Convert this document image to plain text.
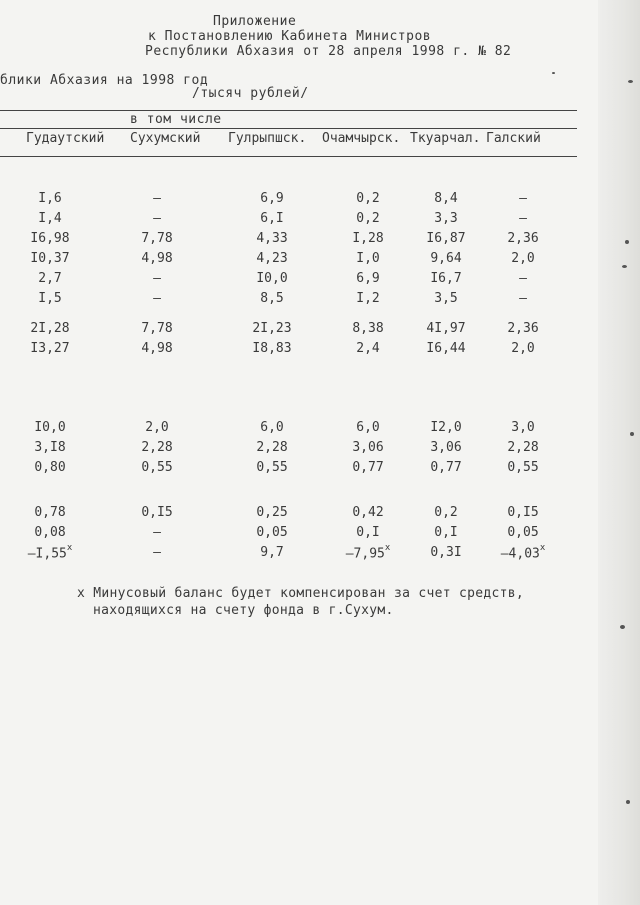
Приложение
к Постановлению Кабинета Министров
Республики Абхазия от 28 апреля 1998 г. № 82
блики Абхазия на 1998 год
/тысяч рублей/
в том числе
Гудаутский Сухумский Гулрыпшск. Очамчырск. Ткуарчал. Галский
I,6	–	6,9	0,2	8,4	–
I,4	–	6,I	0,2	3,3	–
I6,98	7,78	4,33	I,28	I6,87	2,36
I0,37	4,98	4,23	I,0	9,64	2,0
2,7	–	I0,0	6,9	I6,7	–
I,5	–	8,5	I,2	3,5	–
2I,28	7,78	2I,23	8,38	4I,97	2,36
I3,27	4,98	I8,83	2,4	I6,44	2,0
I0,0	2,0	6,0	6,0	I2,0	3,0
3,I8	2,28	2,28	3,06	3,06	2,28
0,80	0,55	0,55	0,77	0,77	0,55
0,78	0,I5	0,25	0,42	0,2	0,I5
0,08	–	0,05	0,I	0,I	0,05
–I,55$^x$	–	9,7	–7,95$^x$	0,3I	–4,03$^x$
х Минусовый баланс будет компенсирован за счет средств,
находящихся на счету фонда в г.Сухум.
